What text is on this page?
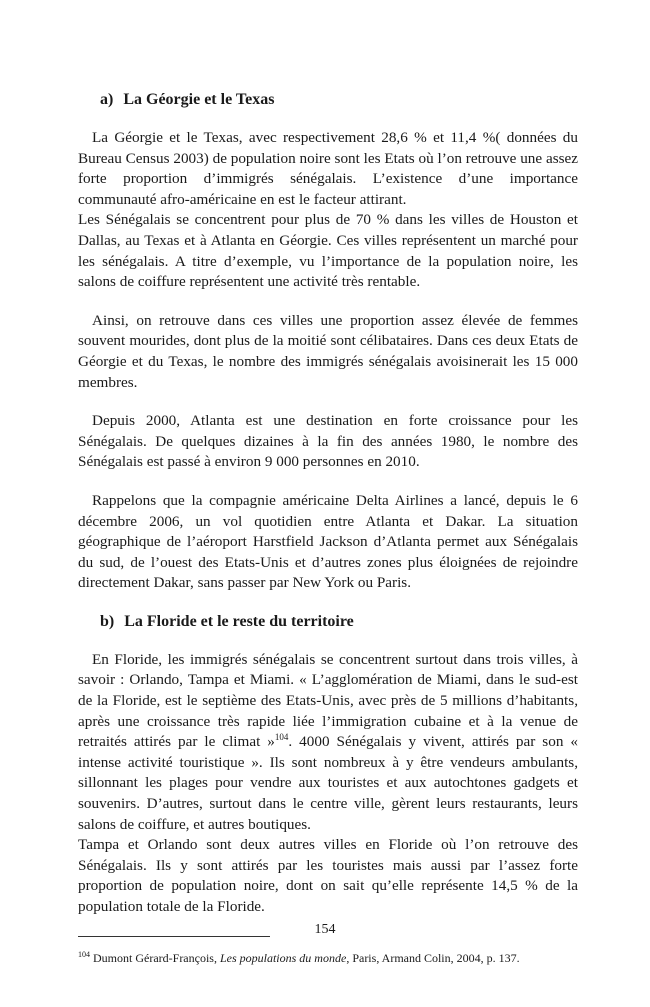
a) La Géorgie et le Texas

La Géorgie et le Texas, avec respectivement 28,6 % et 11,4 %( données du Bureau Census 2003) de population noire sont les Etats où l’on retrouve une assez forte proportion d’immigrés sénégalais. L’existence d’une importance communauté afro-américaine en est le facteur attirant.

Les Sénégalais se concentrent pour plus de 70 % dans les villes de Houston et Dallas, au Texas et à Atlanta en Géorgie. Ces villes représentent un marché pour les sénégalais. A titre d’exemple, vu l’importance de la population noire, les salons de coiffure représentent une activité très rentable.

Ainsi, on retrouve dans ces villes une proportion assez élevée de femmes souvent mourides, dont plus de la moitié sont célibataires. Dans ces deux Etats de Géorgie et du Texas, le nombre des immigrés sénégalais avoisinerait les 15 000 membres.

Depuis 2000, Atlanta est une destination en forte croissance pour les Sénégalais. De quelques dizaines à la fin des années 1980, le nombre des Sénégalais est passé à environ 9 000 personnes en 2010.

Rappelons que la compagnie américaine Delta Airlines a lancé, depuis le 6 décembre 2006, un vol quotidien entre Atlanta et Dakar. La situation géographique de l’aéroport Harstfield Jackson d’Atlanta permet aux Sénégalais du sud, de l’ouest des Etats-Unis et d’autres zones plus éloignées de rejoindre directement Dakar, sans passer par New York ou Paris.

b) La Floride et le reste du territoire

En Floride, les immigrés sénégalais se concentrent surtout dans trois villes, à savoir : Orlando, Tampa et Miami. « L’agglomération de Miami, dans le sud-est de la Floride, est le septième des Etats-Unis, avec près de 5 millions d’habitants, après une croissance très rapide liée l’immigration cubaine et à la venue de retraités attirés par le climat »$^{104}$. 4000 Sénégalais y vivent, attirés par son « intense activité touristique ». Ils sont nombreux à y être vendeurs ambulants, sillonnant les plages pour vendre aux touristes et aux autochtones gadgets et souvenirs. D’autres, surtout dans le centre ville, gèrent leurs restaurants, leurs salons de coiffure, et autres boutiques.

Tampa et Orlando sont deux autres villes en Floride où l’on retrouve des Sénégalais. Ils y sont attirés par les touristes mais aussi par l’assez forte proportion de population noire, dont on sait qu’elle représente 14,5 % de la population totale de la Floride.

$^{104}$ Dumont Gérard-François, Les populations du monde, Paris, Armand Colin, 2004, p. 137.
154
